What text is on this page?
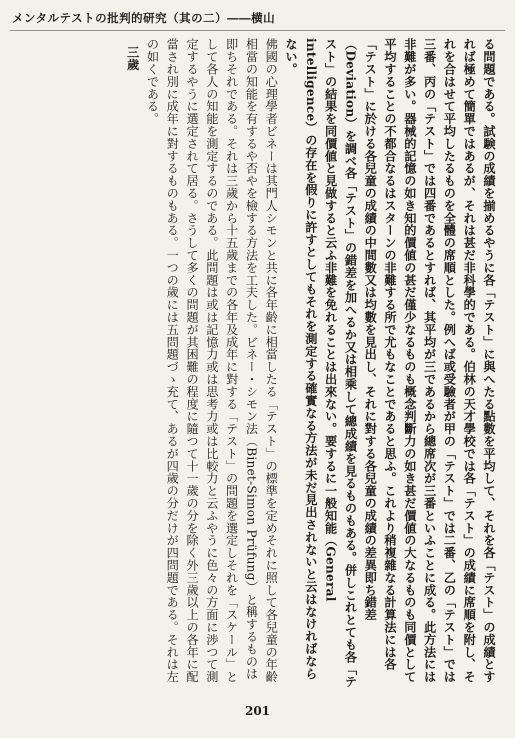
メンタルテストの批判的研究（其の二）――横山

る問題である。試験の成績を揃めるやうに各「テスト」に與へたる點數を平均して、それを各「テスト」の成績とすれば極めて簡單ではあるが、それは甚だ非科學的である。伯林の天才學校では各「テスト」の成績に席順を附し、それを合はせて平均したるものを全體の席順とした。例へば或受驗者が甲の「テスト」では二番、乙の「テスト」では三番、丙の「テスト」では四番であるとすれば、其平均が三であるから總席次が三番といふことに成る。此方法には非難が多い。器械的記憶の如き知的價値の甚だ僅少なるものも概念判斷力の如き甚だ價値の大なるものも同價として平均することの不都合なるはスターンの非難する所で尤もなことであると思ふ。これより稍複雜なる計算法には各「テスト」に於ける各兒童の成績の中間數又は均數を見出し、それに對する各兒童の成績の差異即ち錯差（Deviation）を調べ各「テスト」の錯差を加へるか又は相乘して總成績を見るものもある。併しこれとても各「テスト」の結果を同價値と見做すると云ふ非難を免れることは出來ない。要するに一般知能（General intelligence）の存在を假りに許すとしてもそれを測定する確實なる方法が未だ見出されないと云はなければならない。

佛國の心理學者ビネーは其門人シモンと共に各年齡に相當したる「テスト」の標準を定めそれに照して各兒童の年齡相當の知能を有するや否やを檢する方法を工夫した。ビネー・シモン法（Binet-Simon Prüfung）と稱するものは即ちそれである。それは三歲から十五歲までの各年及成年に對する「テスト」の問題を選定しそれを「スケール」として各人の知能を測定するのである。此問題は或は記憶力或は思考力或は比較力と云ふやうに色々の方面に渉つて測定するやうに選定されて居る。さうして多くの問題が其困難の程度に隨つて十一歲の分を除く外三歲以上の各年に配當され別に成年に對するものもある。一つの歲には五問題づゝ充て、あるが四歲の分だけが四問題である。それは左の如くである。

三歲

201
